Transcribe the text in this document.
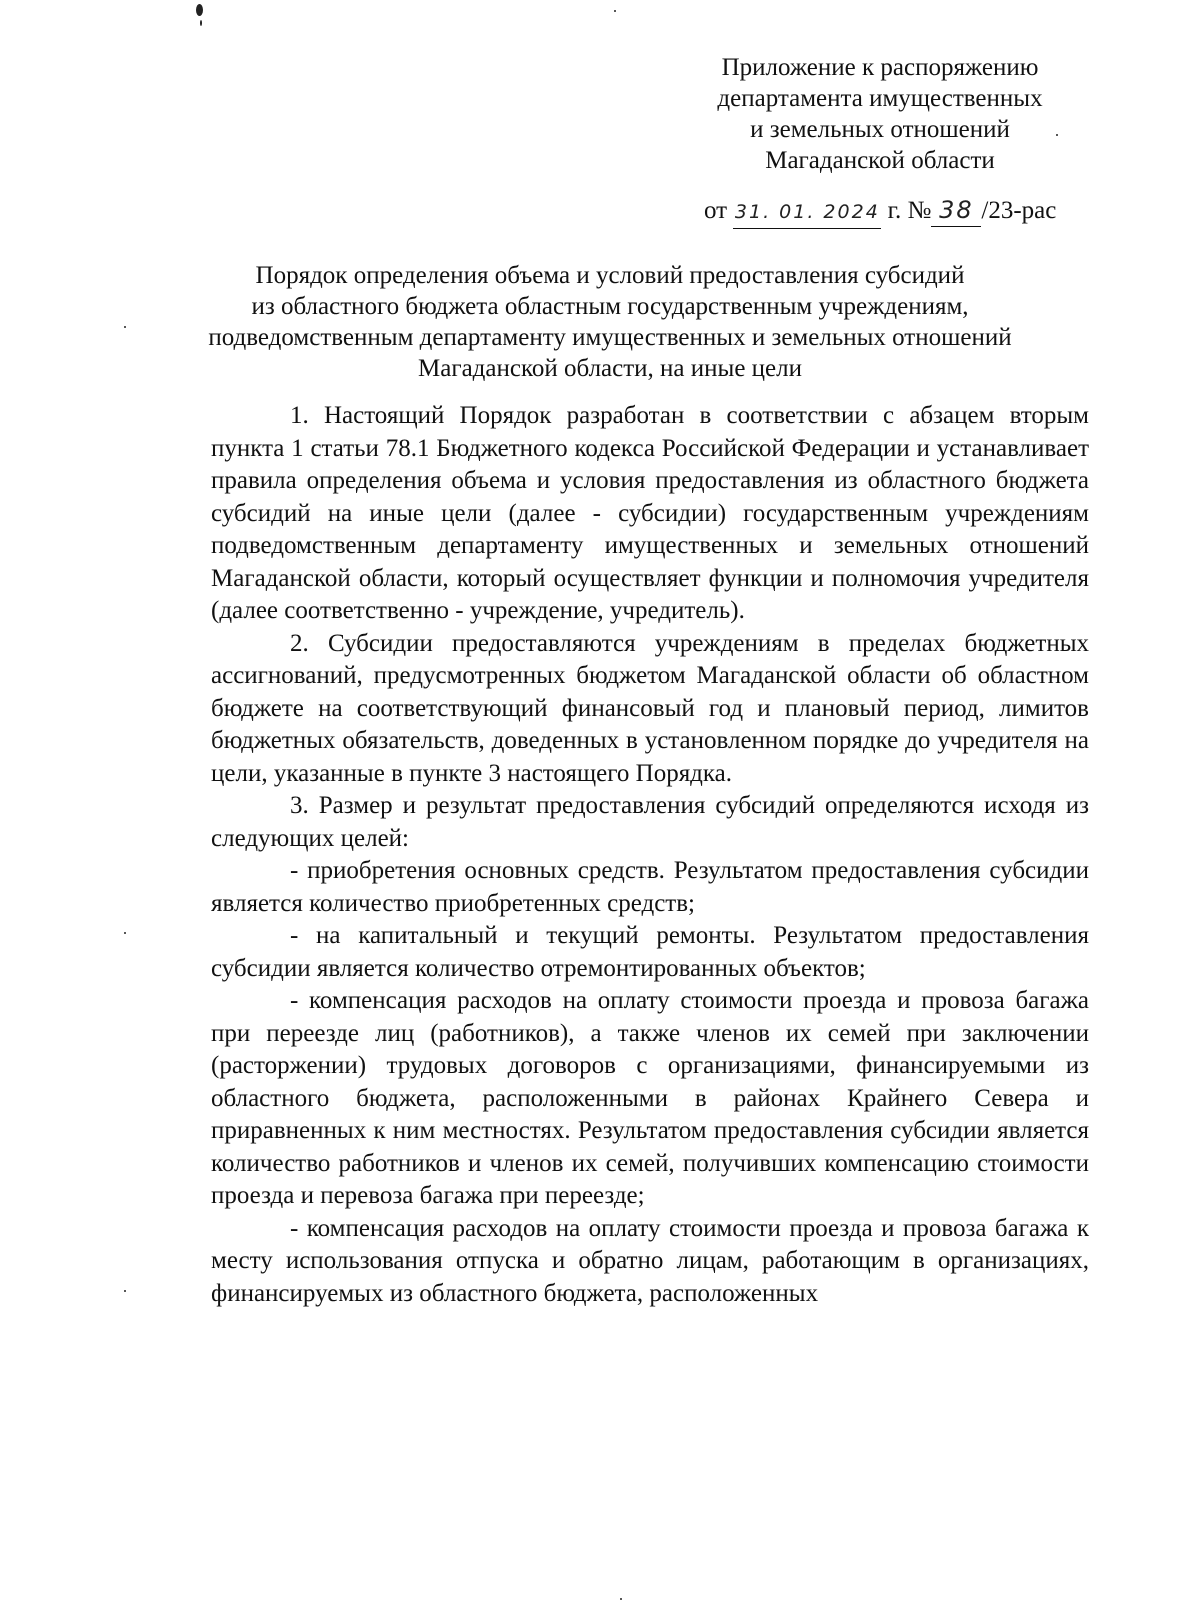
Приложение к распоряжению
департамента имущественных
и земельных отношений
Магаданской области
от 31. 01. 2024 г. № 38 /23-рас
Порядок определения объема и условий предоставления субсидий
из областного бюджета областным государственным учреждениям,
подведомственным департаменту имущественных и земельных отношений
Магаданской области, на иные цели

1. Настоящий Порядок разработан в соответствии с абзацем вторым пункта 1 статьи 78.1 Бюджетного кодекса Российской Федерации и устанавливает правила определения объема и условия предоставления из областного бюджета субсидий на иные цели (далее - субсидии) государственным учреждениям подведомственным департаменту имущественных и земельных отношений Магаданской области, который осуществляет функции и полномочия учредителя (далее соответственно - учреждение, учредитель).

2. Субсидии предоставляются учреждениям в пределах бюджетных ассигнований, предусмотренных бюджетом Магаданской области об областном бюджете на соответствующий финансовый год и плановый период, лимитов бюджетных обязательств, доведенных в установленном порядке до учредителя на цели, указанные в пункте 3 настоящего Порядка.

3. Размер и результат предоставления субсидий определяются исходя из следующих целей:

- приобретения основных средств. Результатом предоставления субсидии является количество приобретенных средств;

- на капитальный и текущий ремонты. Результатом предоставления субсидии является количество отремонтированных объектов;

- компенсация расходов на оплату стоимости проезда и провоза багажа при переезде лиц (работников), а также членов их семей при заключении (расторжении) трудовых договоров с организациями, финансируемыми из областного бюджета, расположенными в районах Крайнего Севера и приравненных к ним местностях. Результатом предоставления субсидии является количество работников и членов их семей, получивших компенсацию стоимости проезда и перевоза багажа при переезде;

- компенсация расходов на оплату стоимости проезда и провоза багажа к месту использования отпуска и обратно лицам, работающим в организациях, финансируемых из областного бюджета, расположенных
